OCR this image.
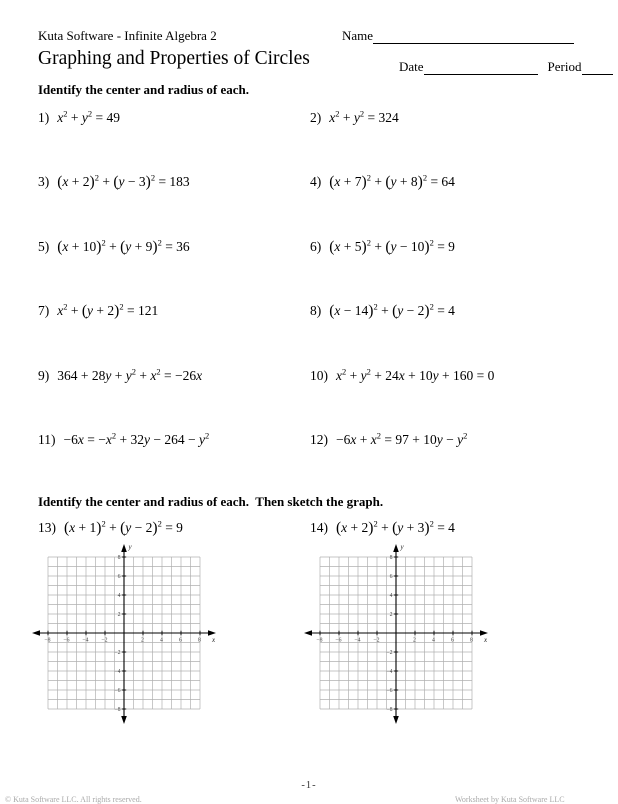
Kuta Software - Infinite Algebra 2	Name
Graphing and Properties of Circles	Date	Period
Identify the center and radius of each.
1) $x^2 + y^2 = 49$	2) $x^2 + y^2 = 324$
3) $(x + 2)^2 + (y - 3)^2 = 183$	4) $(x + 7)^2 + (y + 8)^2 = 64$
5) $(x + 10)^2 + (y + 9)^2 = 36$	6) $(x + 5)^2 + (y - 10)^2 = 9$
7) $x^2 + (y + 2)^2 = 121$	8) $(x - 14)^2 + (y - 2)^2 = 4$
9) $364 + 28y + y^2 + x^2 = -26x$	10) $x^2 + y^2 + 24x + 10y + 160 = 0$
$11) -6x = -x^2 + 32y - 264 - y^2$	$12) -6x + x^2 = 97 + 10y - y^2$
Identify the center and radius of each.  Then sketch the graph.
13) $(x + 1)^2 + (y - 2)^2 = 9$	14) $(x + 2)^2 + (y + 3)^2 = 4$
−8 −6 −4 −2	2	4	6	8
8
6
4
2
−2
−4
−6
−8
x
y
−8 −6 −4 −2	2	4	6	8
8
6
4
2
−2
−4
−6
−8
x
y
-1-
© Kuta Software LLC. All rights reserved.	Worksheet by Kuta Software LLC
